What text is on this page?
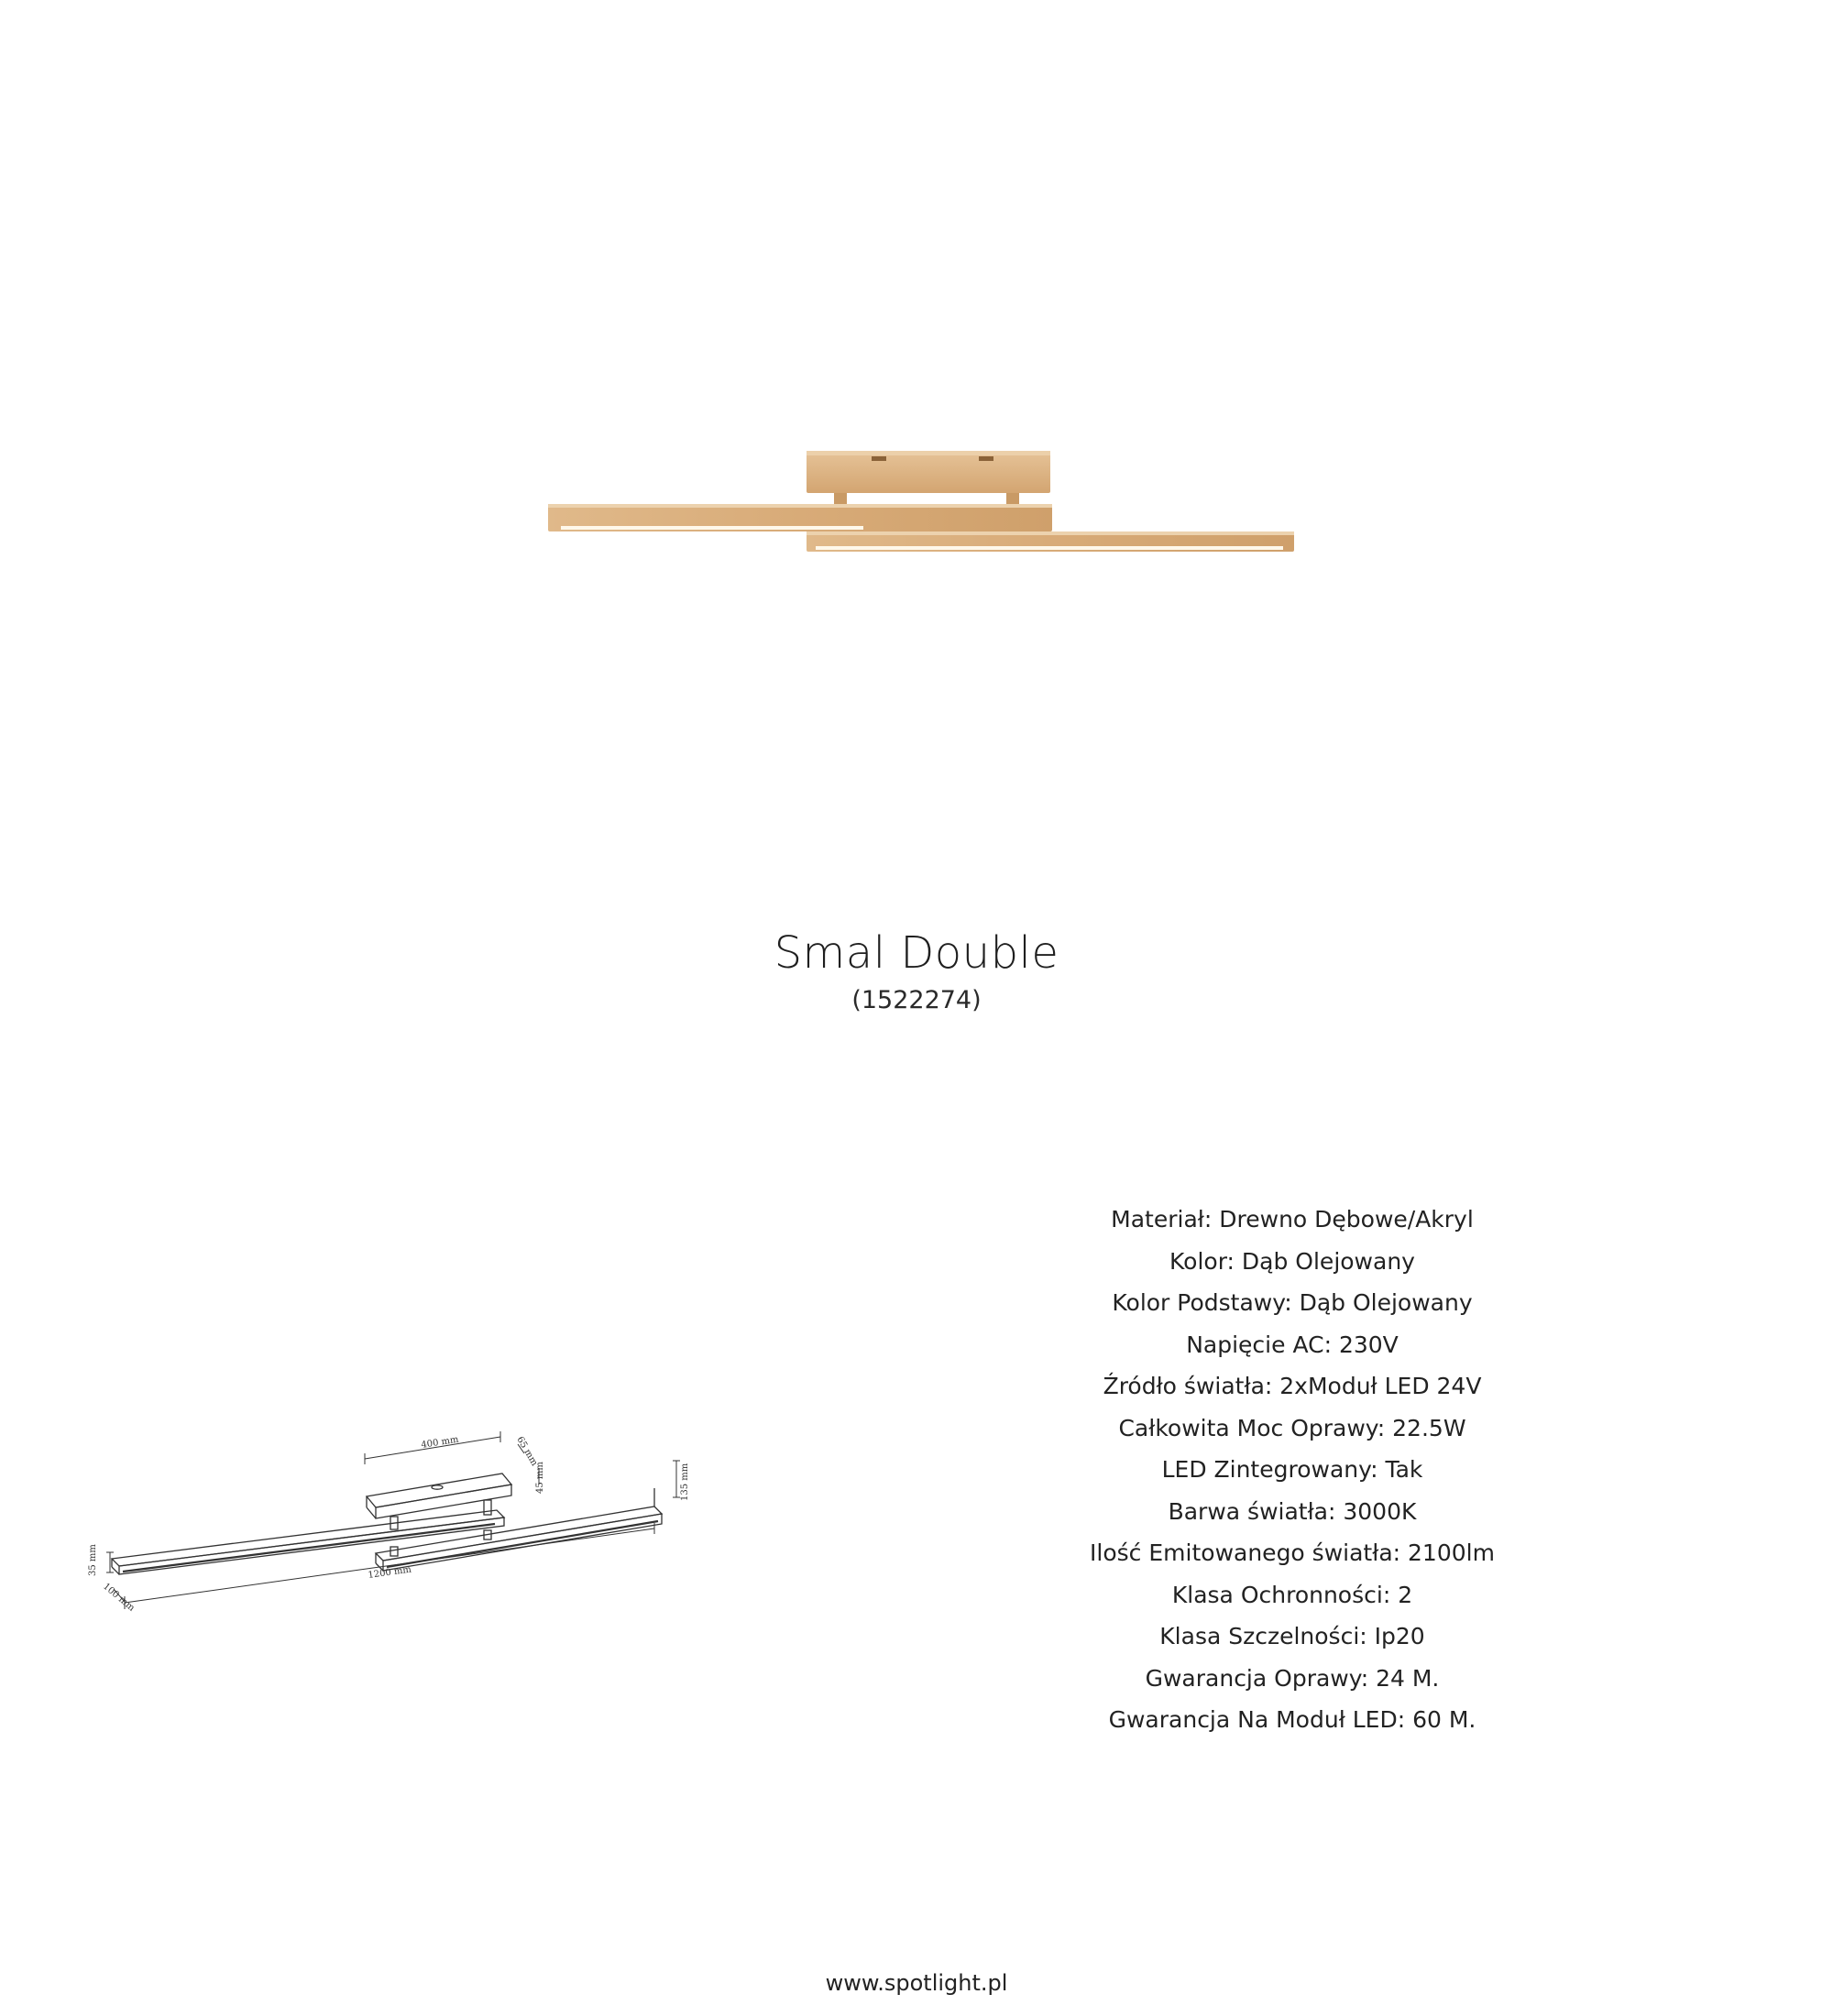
Smal Double
(1522274)
400 mm	65 mm
45 mm	135 mm
35 mm
100 mm
1200 mm
Materiał: Drewno Dębowe/Akryl
Kolor: Dąb Olejowany
Kolor Podstawy: Dąb Olejowany
Napięcie AC: 230V
Źródło światła: 2xModuł LED 24V
Całkowita Moc Oprawy: 22.5W
LED Zintegrowany: Tak
Barwa światła: 3000K
Ilość Emitowanego światła: 2100lm
Klasa Ochronności: 2
Klasa Szczelności: Ip20
Gwarancja Oprawy: 24 M.
Gwarancja Na Moduł LED: 60 M.
www.spotlight.pl
